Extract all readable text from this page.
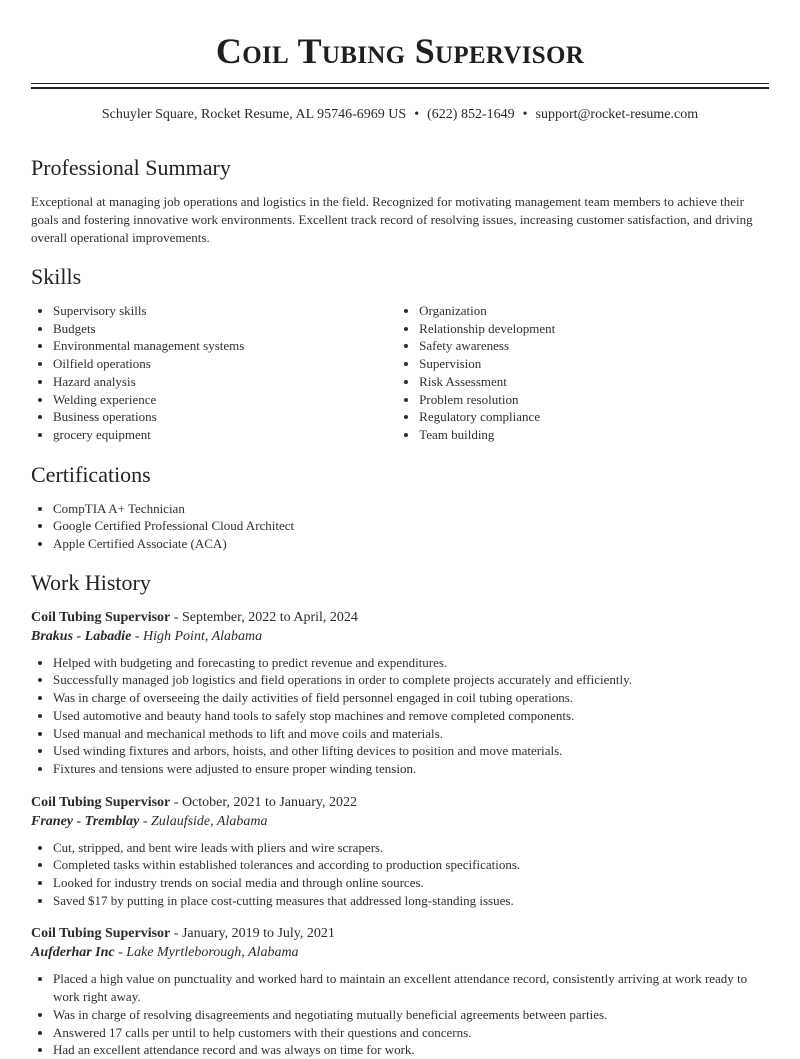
Coil Tubing Supervisor
Schuyler Square, Rocket Resume, AL 95746-6969 US • (622) 852-1649 • support@rocket-resume.com
Professional Summary
Exceptional at managing job operations and logistics in the field. Recognized for motivating management team members to achieve their goals and fostering innovative work environments. Excellent track record of resolving issues, increasing customer satisfaction, and driving overall operational improvements.
Skills
• Supervisory skills
• Budgets
• Environmental management systems
• Oilfield operations
• Hazard analysis
• Welding experience
• Business operations
• grocery equipment
• Organization
• Relationship development
• Safety awareness
• Supervision
• Risk Assessment
• Problem resolution
• Regulatory compliance
• Team building
Certifications
• CompTIA A+ Technician
• Google Certified Professional Cloud Architect
• Apple Certified Associate (ACA)
Work History
Coil Tubing Supervisor - September, 2022 to April, 2024
Brakus - Labadie - High Point, Alabama
• Helped with budgeting and forecasting to predict revenue and expenditures.
• Successfully managed job logistics and field operations in order to complete projects accurately and efficiently.
• Was in charge of overseeing the daily activities of field personnel engaged in coil tubing operations.
• Used automotive and beauty hand tools to safely stop machines and remove completed components.
• Used manual and mechanical methods to lift and move coils and materials.
• Used winding fixtures and arbors, hoists, and other lifting devices to position and move materials.
• Fixtures and tensions were adjusted to ensure proper winding tension.
Coil Tubing Supervisor - October, 2021 to January, 2022
Franey - Tremblay - Zulaufside, Alabama
• Cut, stripped, and bent wire leads with pliers and wire scrapers.
• Completed tasks within established tolerances and according to production specifications.
• Looked for industry trends on social media and through online sources.
• Saved $17 by putting in place cost-cutting measures that addressed long-standing issues.
Coil Tubing Supervisor - January, 2019 to July, 2021
Aufderhar Inc - Lake Myrtleborough, Alabama
• Placed a high value on punctuality and worked hard to maintain an excellent attendance record, consistently arriving at work ready to work right away.
• Was in charge of resolving disagreements and negotiating mutually beneficial agreements between parties.
• Answered 17 calls per until to help customers with their questions and concerns.
• Had an excellent attendance record and was always on time for work.
